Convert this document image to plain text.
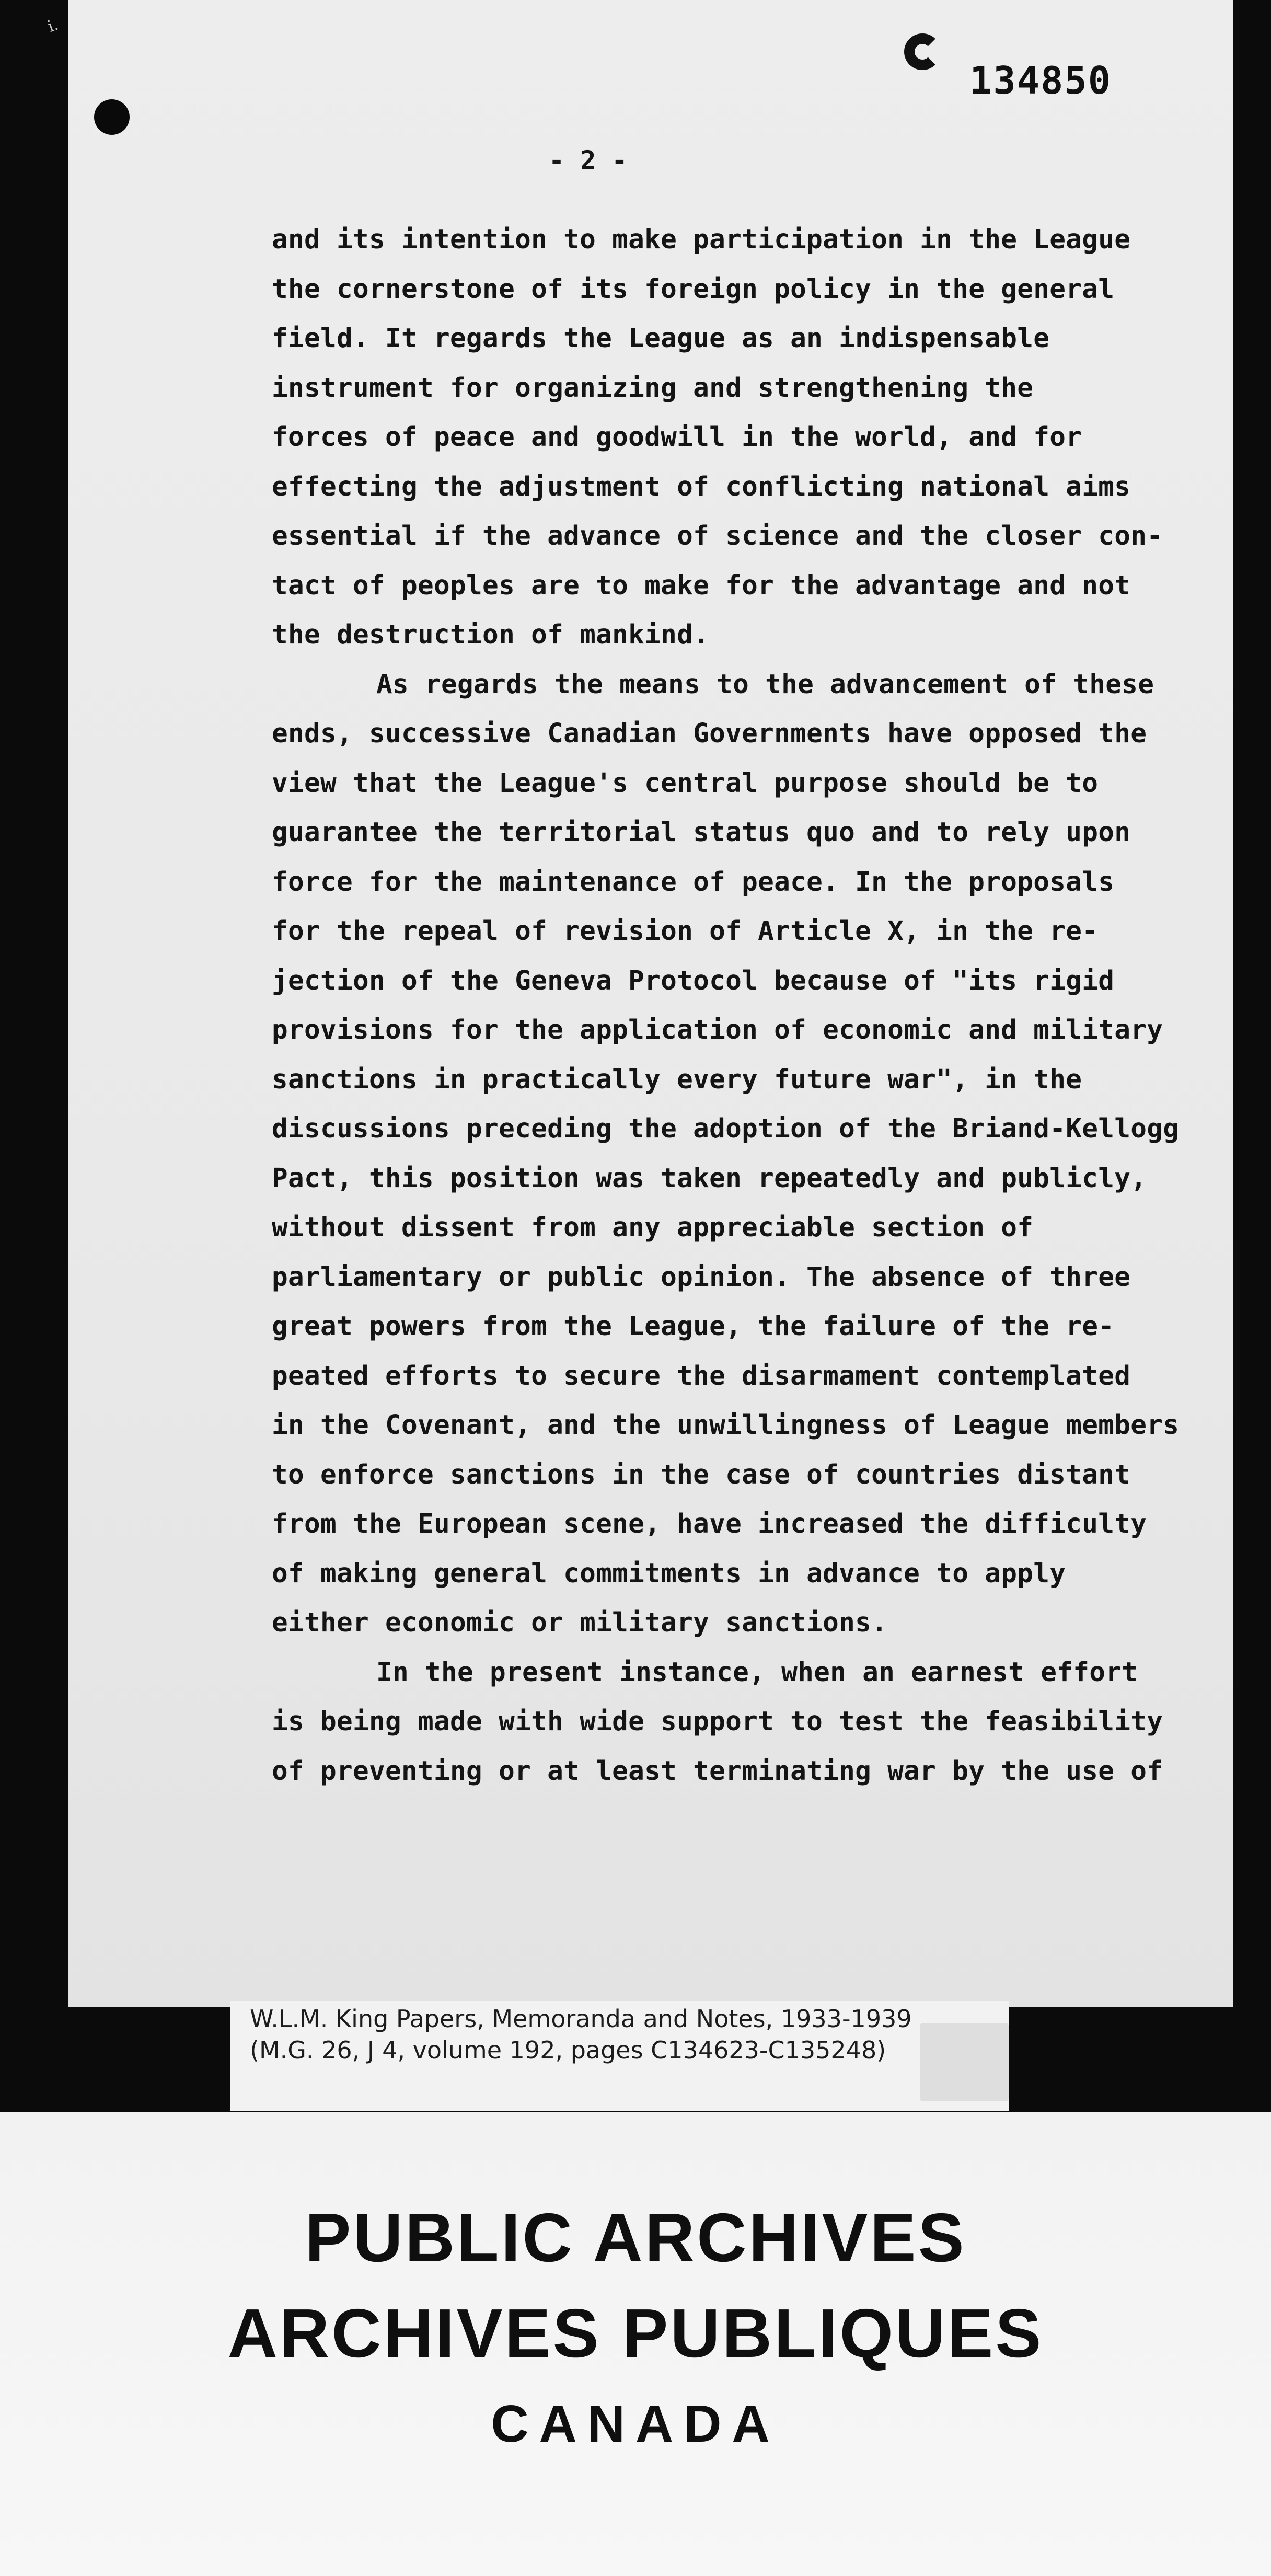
i.
134850
- 2 -
and its intention to make participation in the League
the cornerstone of its foreign policy in the general
field. It regards the League as an indispensable
instrument for organizing and strengthening the
forces of peace and goodwill in the world, and for
effecting the adjustment of conflicting national aims
essential if the advance of science and the closer con-
tact of peoples are to make for the advantage and not
the destruction of mankind.
As regards the means to the advancement of these
ends, successive Canadian Governments have opposed the
view that the League's central purpose should be to
guarantee the territorial status quo and to rely upon
force for the maintenance of peace. In the proposals
for the repeal of revision of Article X, in the re-
jection of the Geneva Protocol because of "its rigid
provisions for the application of economic and military
sanctions in practically every future war", in the
discussions preceding the adoption of the Briand-Kellogg
Pact, this position was taken repeatedly and publicly,
without dissent from any appreciable section of
parliamentary or public opinion. The absence of three
great powers from the League, the failure of the re-
peated efforts to secure the disarmament contemplated
in the Covenant, and the unwillingness of League members
to enforce sanctions in the case of countries distant
from the European scene, have increased the difficulty
of making general commitments in advance to apply
either economic or military sanctions.
In the present instance, when an earnest effort
is being made with wide support to test the feasibility
of preventing or at least terminating war by the use of
W.L.M. King Papers, Memoranda and Notes, 1933-1939
(M.G. 26, J 4, volume 192, pages C134623-C135248)
PUBLIC ARCHIVES
ARCHIVES PUBLIQUES
CANADA
